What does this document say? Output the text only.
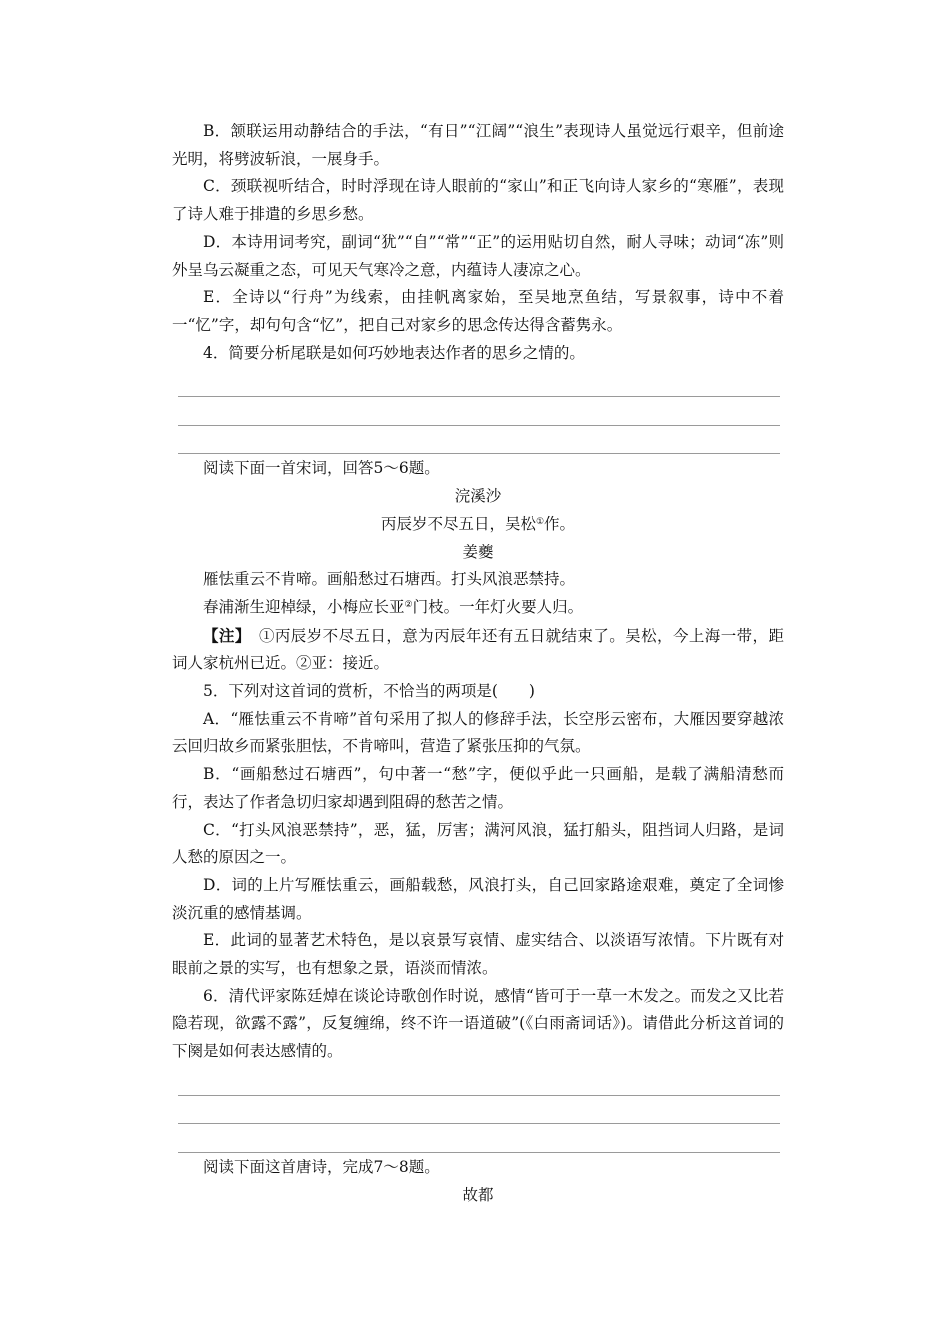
B．颔联运用动静结合的手法，“有日”“江阔”“浪生”表现诗人虽觉远行艰辛，但前途光明，将劈波斩浪，一展身手。

C．颈联视听结合，时时浮现在诗人眼前的“家山”和正飞向诗人家乡的“寒雁”，表现了诗人难于排遣的乡思乡愁。

D．本诗用词考究，副词“犹”“自”“常”“正”的运用贴切自然，耐人寻味；动词“冻”则外呈乌云凝重之态，可见天气寒冷之意，内蕴诗人凄凉之心。

E．全诗以“行舟”为线索，由挂帆离家始，至吴地烹鱼结，写景叙事，诗中不着一“忆”字，却句句含“忆”，把自己对家乡的思念传达得含蓄隽永。

4．简要分析尾联是如何巧妙地表达作者的思乡之情的。

阅读下面一首宋词，回答5～6题。

浣溪沙

丙辰岁不尽五日，吴松①作。

姜夔

雁怯重云不肯啼。画船愁过石塘西。打头风浪恶禁持。

春浦渐生迎棹绿，小梅应长亚②门枝。一年灯火要人归。

【注】　①丙辰岁不尽五日，意为丙辰年还有五日就结束了。吴松，今上海一带，距词人家杭州已近。②亚：接近。

5．下列对这首词的赏析，不恰当的两项是(　　)

A．“雁怯重云不肯啼”首句采用了拟人的修辞手法，长空彤云密布，大雁因要穿越浓云回归故乡而紧张胆怯，不肯啼叫，营造了紧张压抑的气氛。

B．“画船愁过石塘西”，句中著一“愁”字，便似乎此一只画船，是载了满船清愁而行，表达了作者急切归家却遇到阻碍的愁苦之情。

C．“打头风浪恶禁持”，恶，猛，厉害；满河风浪，猛打船头，阻挡词人归路，是词人愁的原因之一。

D．词的上片写雁怯重云，画船载愁，风浪打头，自己回家路途艰难，奠定了全词惨淡沉重的感情基调。

E．此词的显著艺术特色，是以哀景写哀情、虚实结合、以淡语写浓情。下片既有对眼前之景的实写，也有想象之景，语淡而情浓。

6．清代评家陈廷焯在谈论诗歌创作时说，感情“皆可于一草一木发之。而发之又比若隐若现，欲露不露”，反复缠绵，终不许一语道破”(《白雨斋词话》)。请借此分析这首词的下阕是如何表达感情的。

阅读下面这首唐诗，完成7～8题。

故都
